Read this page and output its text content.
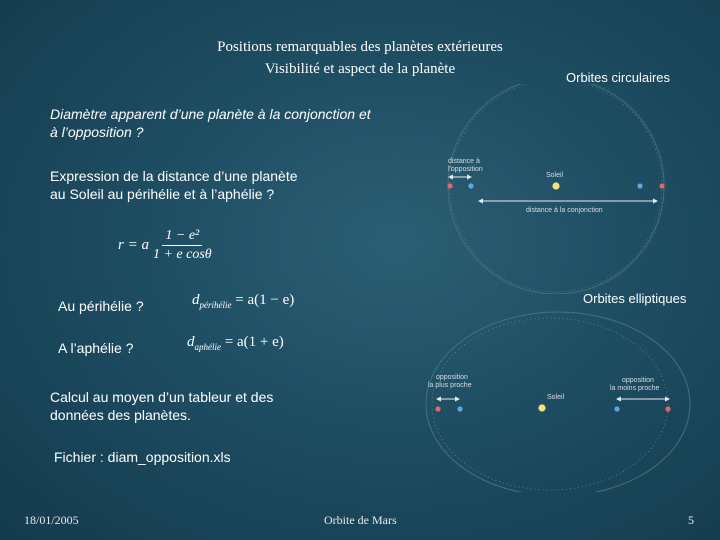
Positions remarquables des planètes extérieures
Visibilité et aspect de la planète
Orbites circulaires
Orbites elliptiques
Diamètre apparent d’une planète à la conjonction et
à l’opposition ?
Expression de la distance d’une planète
au Soleil au périhélie et à l’aphélie ?
r = a $\frac{\text{1 − e²}}{\text{1 + e cosθ}}$
Au périhélie ?	$d_{périhélie} = a(1 - e)$
A l’aphélie ?	$d_{aphélie} = a(1 + e)$
Calcul au moyen d’un tableur et des
données des planètes.
Fichier : diam_opposition.xls
distance à
l'opposition
Soleil
distance à la conjonction
opposition
la plus proche
Soleil
opposition
la moins proche
18/01/2005	Orbite de Mars	5
